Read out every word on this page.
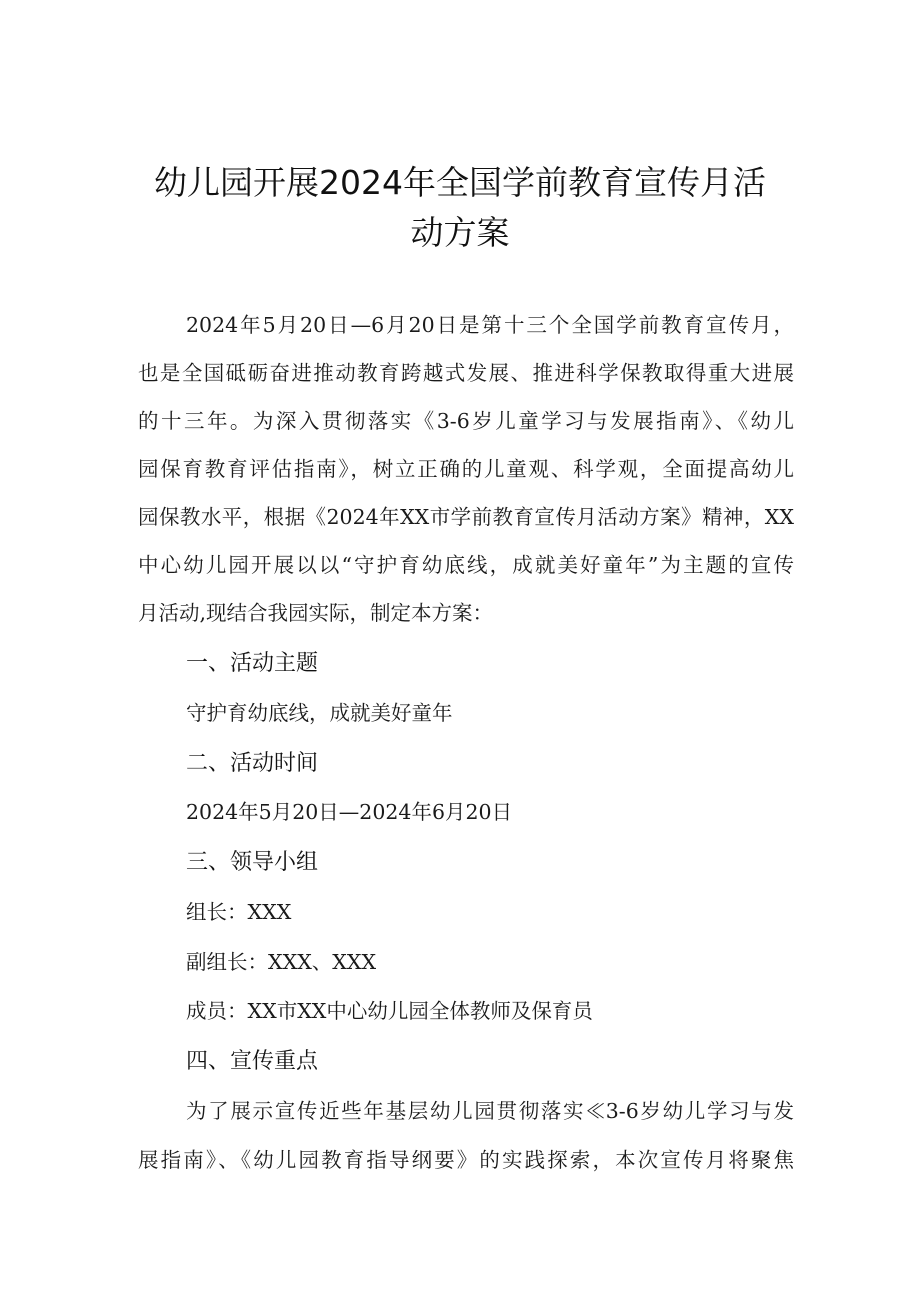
幼儿园开展2024年全国学前教育宣传月活
动方案
2024年5月20日—6月20日是第十三个全国学前教育宣传月，
也是全国砥砺奋进推动教育跨越式发展、推进科学保教取得重大进展
的十三年。为深入贯彻落实《3-6岁儿童学习与发展指南》、《幼儿
园保育教育评估指南》，树立正确的儿童观、科学观，全面提高幼儿
园保教水平，根据《2024年XX市学前教育宣传月活动方案》精神，XX
中心幼儿园开展以以“守护育幼底线，成就美好童年”为主题的宣传
月活动,现结合我园实际，制定本方案：
一、活动主题
守护育幼底线，成就美好童年
二、活动时间
2024年5月20日—2024年6月20日
三、领导小组
组长：XXX
副组长：XXX、XXX
成员：XX市XX中心幼儿园全体教师及保育员
四、宣传重点
为了展示宣传近些年基层幼儿园贯彻落实≪3-6岁幼儿学习与发
展指南》、《幼儿园教育指导纲要》的实践探索，本次宣传月将聚焦
